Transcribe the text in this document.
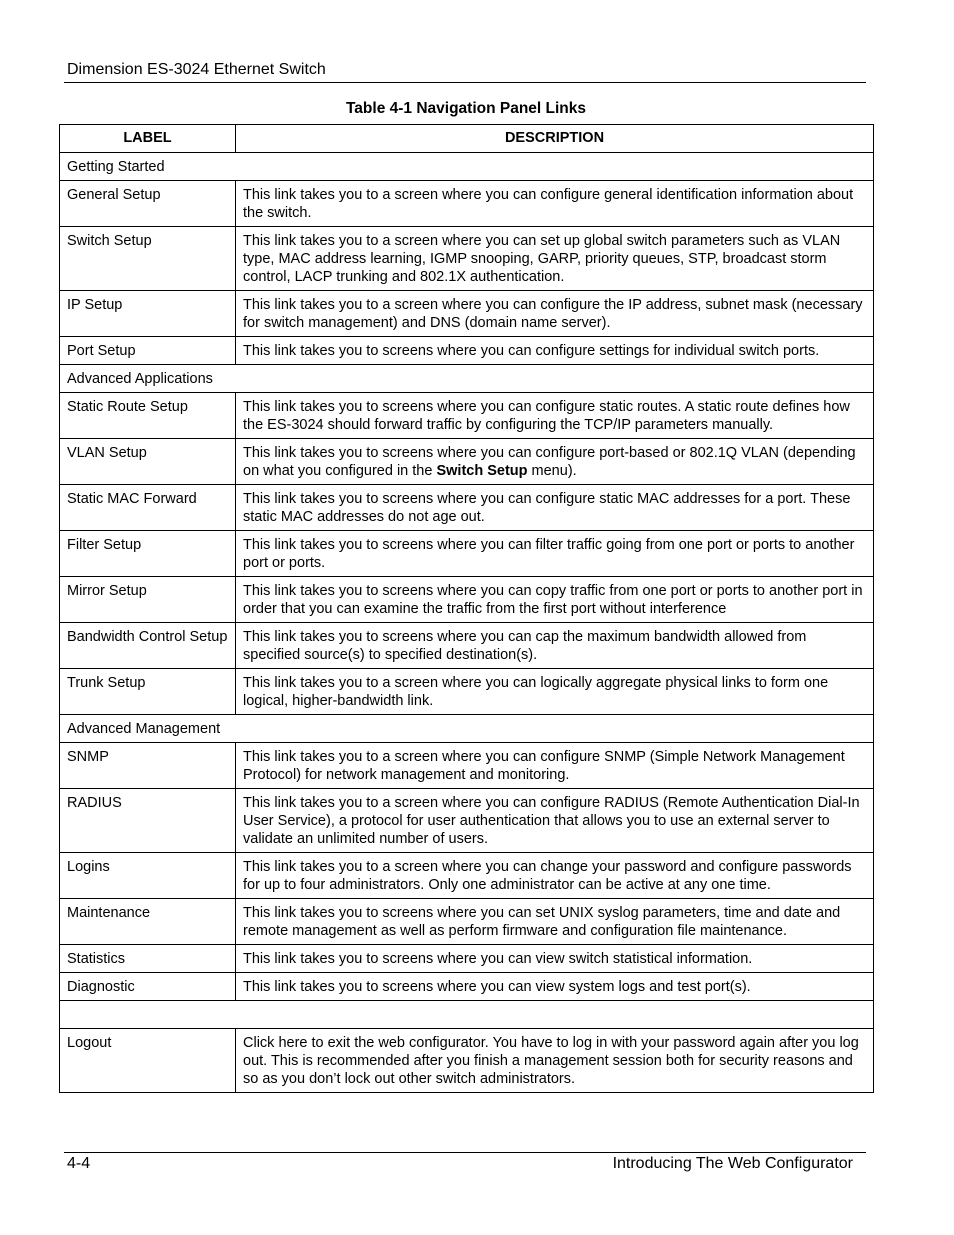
Dimension ES-3024 Ethernet Switch
Table 4-1 Navigation Panel Links
LABEL	DESCRIPTION
Getting Started	
General Setup	This link takes you to a screen where you can configure general identification information about the switch.
Switch Setup	This link takes you to a screen where you can set up global switch parameters such as VLAN type, MAC address learning, IGMP snooping, GARP, priority queues, STP, broadcast storm control, LACP trunking and 802.1X authentication.
IP Setup	This link takes you to a screen where you can configure the IP address, subnet mask (necessary for switch management) and DNS (domain name server).
Port Setup	This link takes you to screens where you can configure settings for individual switch ports.
Advanced Applications	
Static Route Setup	This link takes you to screens where you can configure static routes. A static route defines how the ES-3024 should forward traffic by configuring the TCP/IP parameters manually.
VLAN Setup	This link takes you to screens where you can configure port-based or 802.1Q VLAN (depending on what you configured in the Switch Setup menu).
Static MAC Forward	This link takes you to screens where you can configure static MAC addresses for a port. These static MAC addresses do not age out.
Filter Setup	This link takes you to screens where you can filter traffic going from one port or ports to another port or ports.
Mirror Setup	This link takes you to screens where you can copy traffic from one port or ports to another port in order that you can examine the traffic from the first port without interference
Bandwidth Control Setup	This link takes you to screens where you can cap the maximum bandwidth allowed from specified source(s) to specified destination(s).
Trunk Setup	This link takes you to a screen where you can logically aggregate physical links to form one logical, higher-bandwidth link.
Advanced Management	
SNMP	This link takes you to a screen where you can configure SNMP (Simple Network Management Protocol) for network management and monitoring.
RADIUS	This link takes you to a screen where you can configure RADIUS (Remote Authentication Dial-In User Service), a protocol for user authentication that allows you to use an external server to validate an unlimited number of users.
Logins	This link takes you to a screen where you can change your password and configure passwords for up to four administrators. Only one administrator can be active at any one time.
Maintenance	This link takes you to screens where you can set UNIX syslog parameters, time and date and remote management as well as perform firmware and configuration file maintenance.
Statistics	This link takes you to screens where you can view switch statistical information.
Diagnostic	This link takes you to screens where you can view system logs and test port(s).

Logout	Click here to exit the web configurator. You have to log in with your password again after you log out. This is recommended after you finish a management session both for security reasons and so as you don’t lock out other switch administrators.
4-4	Introducing The Web Configurator
